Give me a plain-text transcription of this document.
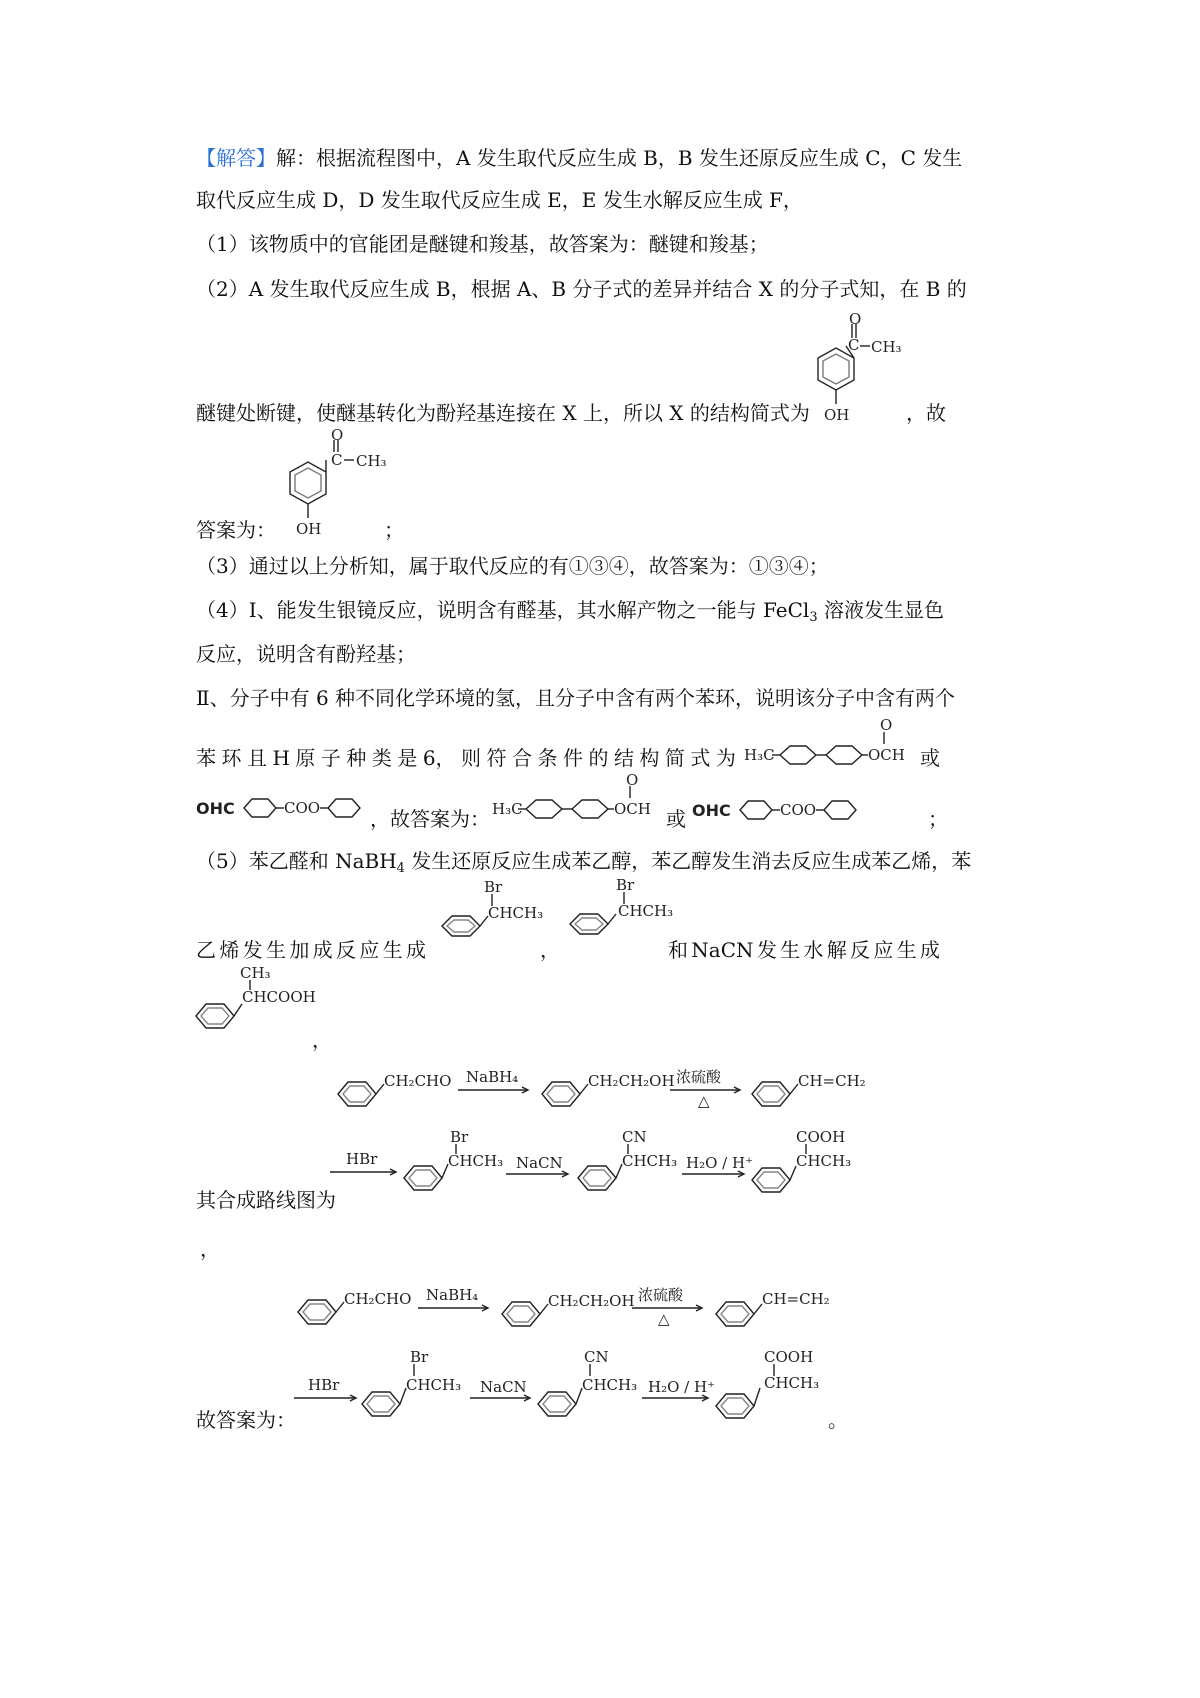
【解答】解：根据流程图中，A 发生取代反应生成 B，B 发生还原反应生成 C，C 发生
取代反应生成 D，D 发生取代反应生成 E，E 发生水解反应生成 F，
（1）该物质中的官能团是醚键和羧基，故答案为：醚键和羧基；
（2）A 发生取代反应生成 B，根据 A、B 分子式的差异并结合 X 的分子式知，在 B 的
醚键处断键，使醚基转化为酚羟基连接在 X 上，所以 X 的结构简式为	，故
答案为：	；
（3）通过以上分析知，属于取代反应的有①③④，故答案为：①③④；
（4）Ⅰ、能发生银镜反应，说明含有醛基，其水解产物之一能与 FeCl$_3$ 溶液发生显色
反应，说明含有酚羟基；
Ⅱ、分子中有 6 种不同化学环境的氢，且分子中含有两个苯环，说明该分子中含有两个
苯 环 且 H 原 子 种 类 是 6， 则 符 合 条 件 的 结 构 简 式 为	或
，故答案为：	或	；
（5）苯乙醛和 NaBH$_4$ 发生还原反应生成苯乙醇，苯乙醇发生消去反应生成苯乙烯，苯
乙 烯 发 生 加 成 反 应 生 成	，	和 NaCN 发 生 水 解 反 应 生 成
，
其合成路线图为
，
故答案为：	。
O
C CH₃
OH
O
C CH₃
OH
H₃C	OCH
O
OHC	COO	H₃C	OCH
O
OHC	COO
Br
CHCH₃
Br
CHCH₃
CH₃
CHCOOH
CH₂CHO NaBH₄	CH₂CH₂OH 浓硫酸
△
CH=CH₂
HBr
Br
CHCH₃ NaCN
CN
CHCH₃ H₂O / H⁺
COOH
CHCH₃
CH₂CHO NaBH₄	CH₂CH₂OH 浓硫酸
△
CH=CH₂
HBr
Br
CHCH₃ NaCN
CN
CHCH₃ H₂O / H⁺
COOH
CHCH₃
